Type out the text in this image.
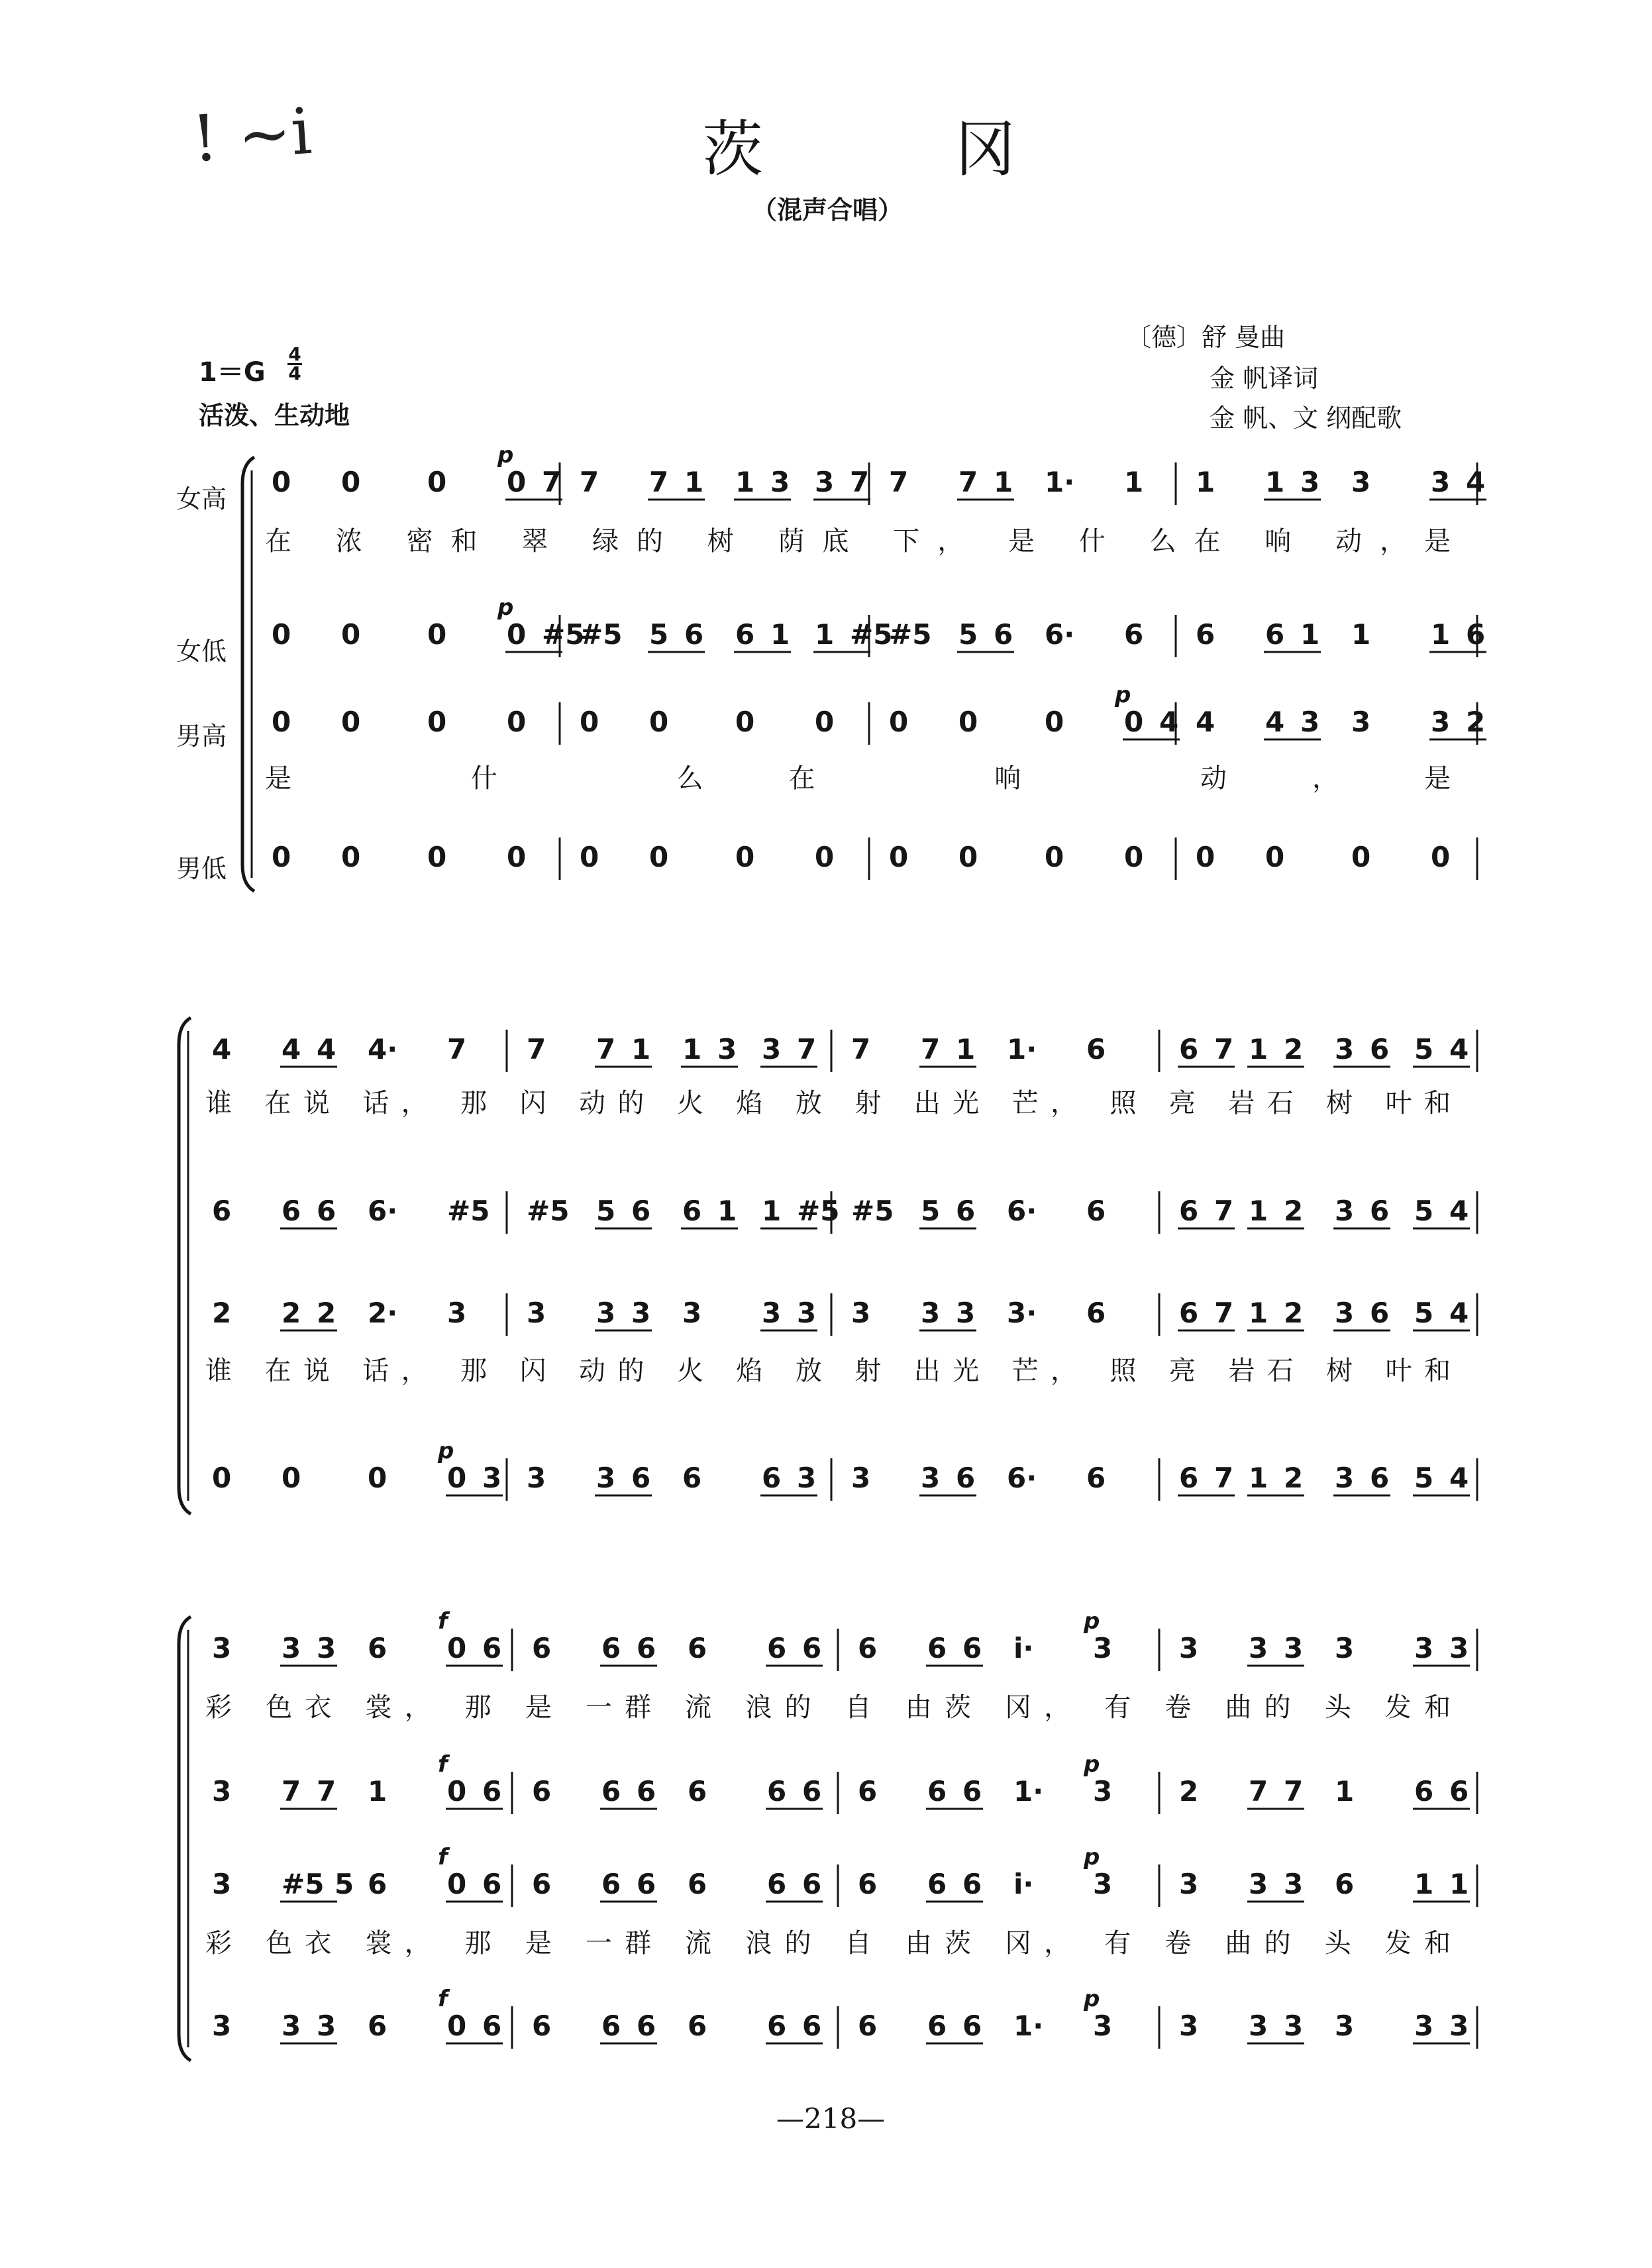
! ~i	茨 冈
（混声合唱）
〔德〕舒 曼曲
金 帆译词
金 帆、文 纲配歌
1＝G
4
4
活泼、生动地
女高
女低
男高
男低
0 0 0 0 7 7 7 1 1 3 3 7 7 7 1 1· 1 1 1 3 3 3 4
p
在 浓 密和 翠 绿的 树 荫底 下， 是 什 么在 响 动，是
0 0 0 0 #5
#5 5 6 6 1 1 #5
#5 5 6 6· 6 6 6 1 1 1 6
p
0 0 0 0 0 0 0 0 0 0 0 0 4 4 4 3 3 3 2
p
是 什 么在 响 动，是
0 0 0 0 0 0 0 0 0 0 0 0 0 0 0 0
4 4 4 4· 7 7 7 1 1 3 3 7 7 7 1 1· 6	6 7 1 2 3 6 5 4
谁 在说 话， 那 闪 动的 火 焰 放 射 出光 芒， 照 亮 岩石 树 叶和
6 6 6 6· #5 #5 5 6 6 1 1 #5 #5 5 6 6· 6	6 7 1 2 3 6 5 4
2 2 2 2· 3 3 3 3 3 3 3 3 3 3 3· 6	6 7 1 2 3 6 5 4
谁 在说 话， 那 闪 动的 火 焰 放 射 出光 芒， 照 亮 岩石 树 叶和
0 0 0 0 3 3 3 6 6 6 3 3 3 6 6· 6	6 7 1 2 3 6 5 4
p
3 3 3 6 0 6 6 6 6 6 6 6 6 6 6 i· 3 3 3 3 3 3 3
f	p
彩 色衣 裳， 那 是 一群 流 浪的 自 由茨 冈， 有 卷 曲的 头 发和
3 7 7 1 0 6 6 6 6 6 6 6 6 6 6 1· 3 2 7 7 1 6 6
f	p
3 #5 5 6 0 6 6 6 6 6 6 6 6 6 6 i· 3 3 3 3 6 1 1
f	p
彩 色衣 裳， 那 是 一群 流 浪的 自 由茨 冈， 有 卷 曲的 头 发和
3 3 3 6 0 6 6 6 6 6 6 6 6 6 6 1· 3 3 3 3 3 3 3
f	p
—218—
